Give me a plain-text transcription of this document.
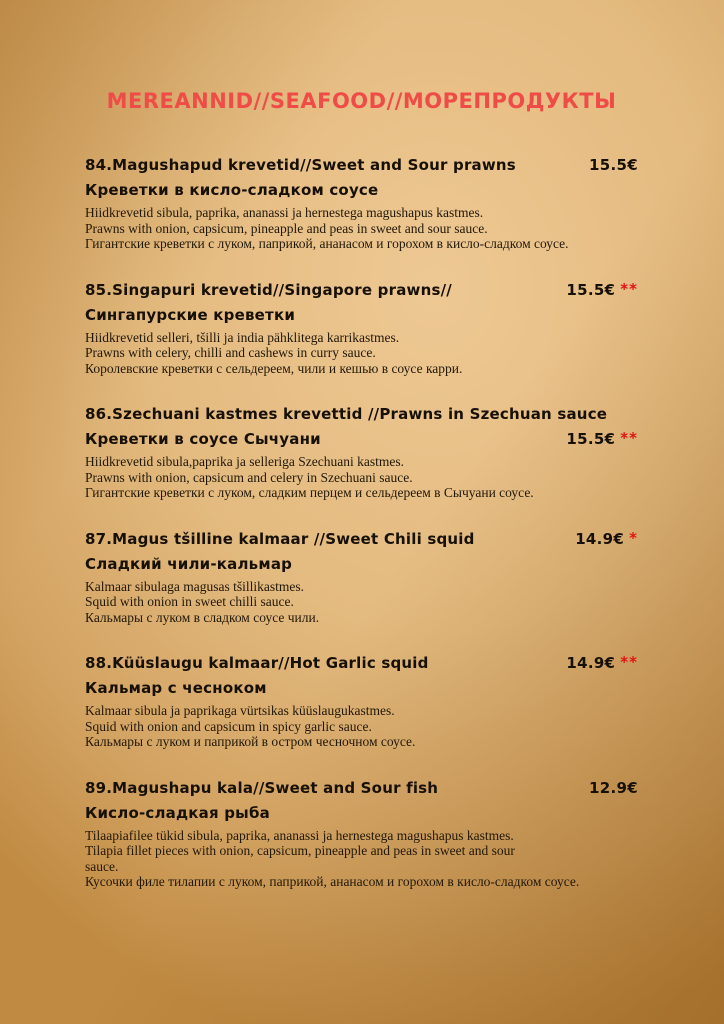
MEREANNID//SEAFOOD//МОРЕПРОДУКТЫ
84.Magushapud krevetid//Sweet and Sour prawns	15.5€
Креветки в кисло-сладком соусе
Hiidkrevetid sibula, paprika, ananassi ja hernestega magushapus kastmes.
Prawns with onion, capsicum, pineapple and peas in sweet and sour sauce.
Гигантские креветки с луком, паприкой, ананасом и горохом в кисло-сладком соусе.
85.Singapuri krevetid//Singapore prawns//	15.5€ **
Сингапурские креветки
Hiidkrevetid selleri, tšilli ja india pähklitega karrikastmes.
Prawns with celery, chilli and cashews in curry sauce.
Королевские креветки с сельдереем, чили и кешью в соусе карри.
86.Szechuani kastmes krevettid //Prawns in Szechuan sauce
Креветки в соусе Сычуани	15.5€ **
Hiidkrevetid sibula,paprika ja selleriga Szechuani kastmes.
Prawns with onion, capsicum and celery in Szechuani sauce.
Гигантские креветки с луком, сладким перцем и сельдереем в Сычуани соусе.
87.Magus tšilline kalmaar //Sweet Chili squid	14.9€ *
Сладкий чили-кальмар
Kalmaar sibulaga magusas tšillikastmes.
Squid with onion in sweet chilli sauce.
Кальмары с луком в сладком соусе чили.
88.Küüslaugu kalmaar//Hot Garlic squid	14.9€ **
Кальмар с чесноком
Kalmaar sibula ja paprikaga vürtsikas küüslaugukastmes.
Squid with onion and capsicum in spicy garlic sauce.
Кальмары с луком и паприкой в остром чесночном соусе.
89.Magushapu kala//Sweet and Sour fish	12.9€
Кисло-сладкая рыба
Tilaapiafilee tükid sibula, paprika, ananassi ja hernestega magushapus kastmes.
Tilapia fillet pieces with onion, capsicum, pineapple and peas in sweet and sour
sauce.
Кусочки филе тилапии с луком, паприкой, ананасом и горохом в кисло-сладком соусе.
